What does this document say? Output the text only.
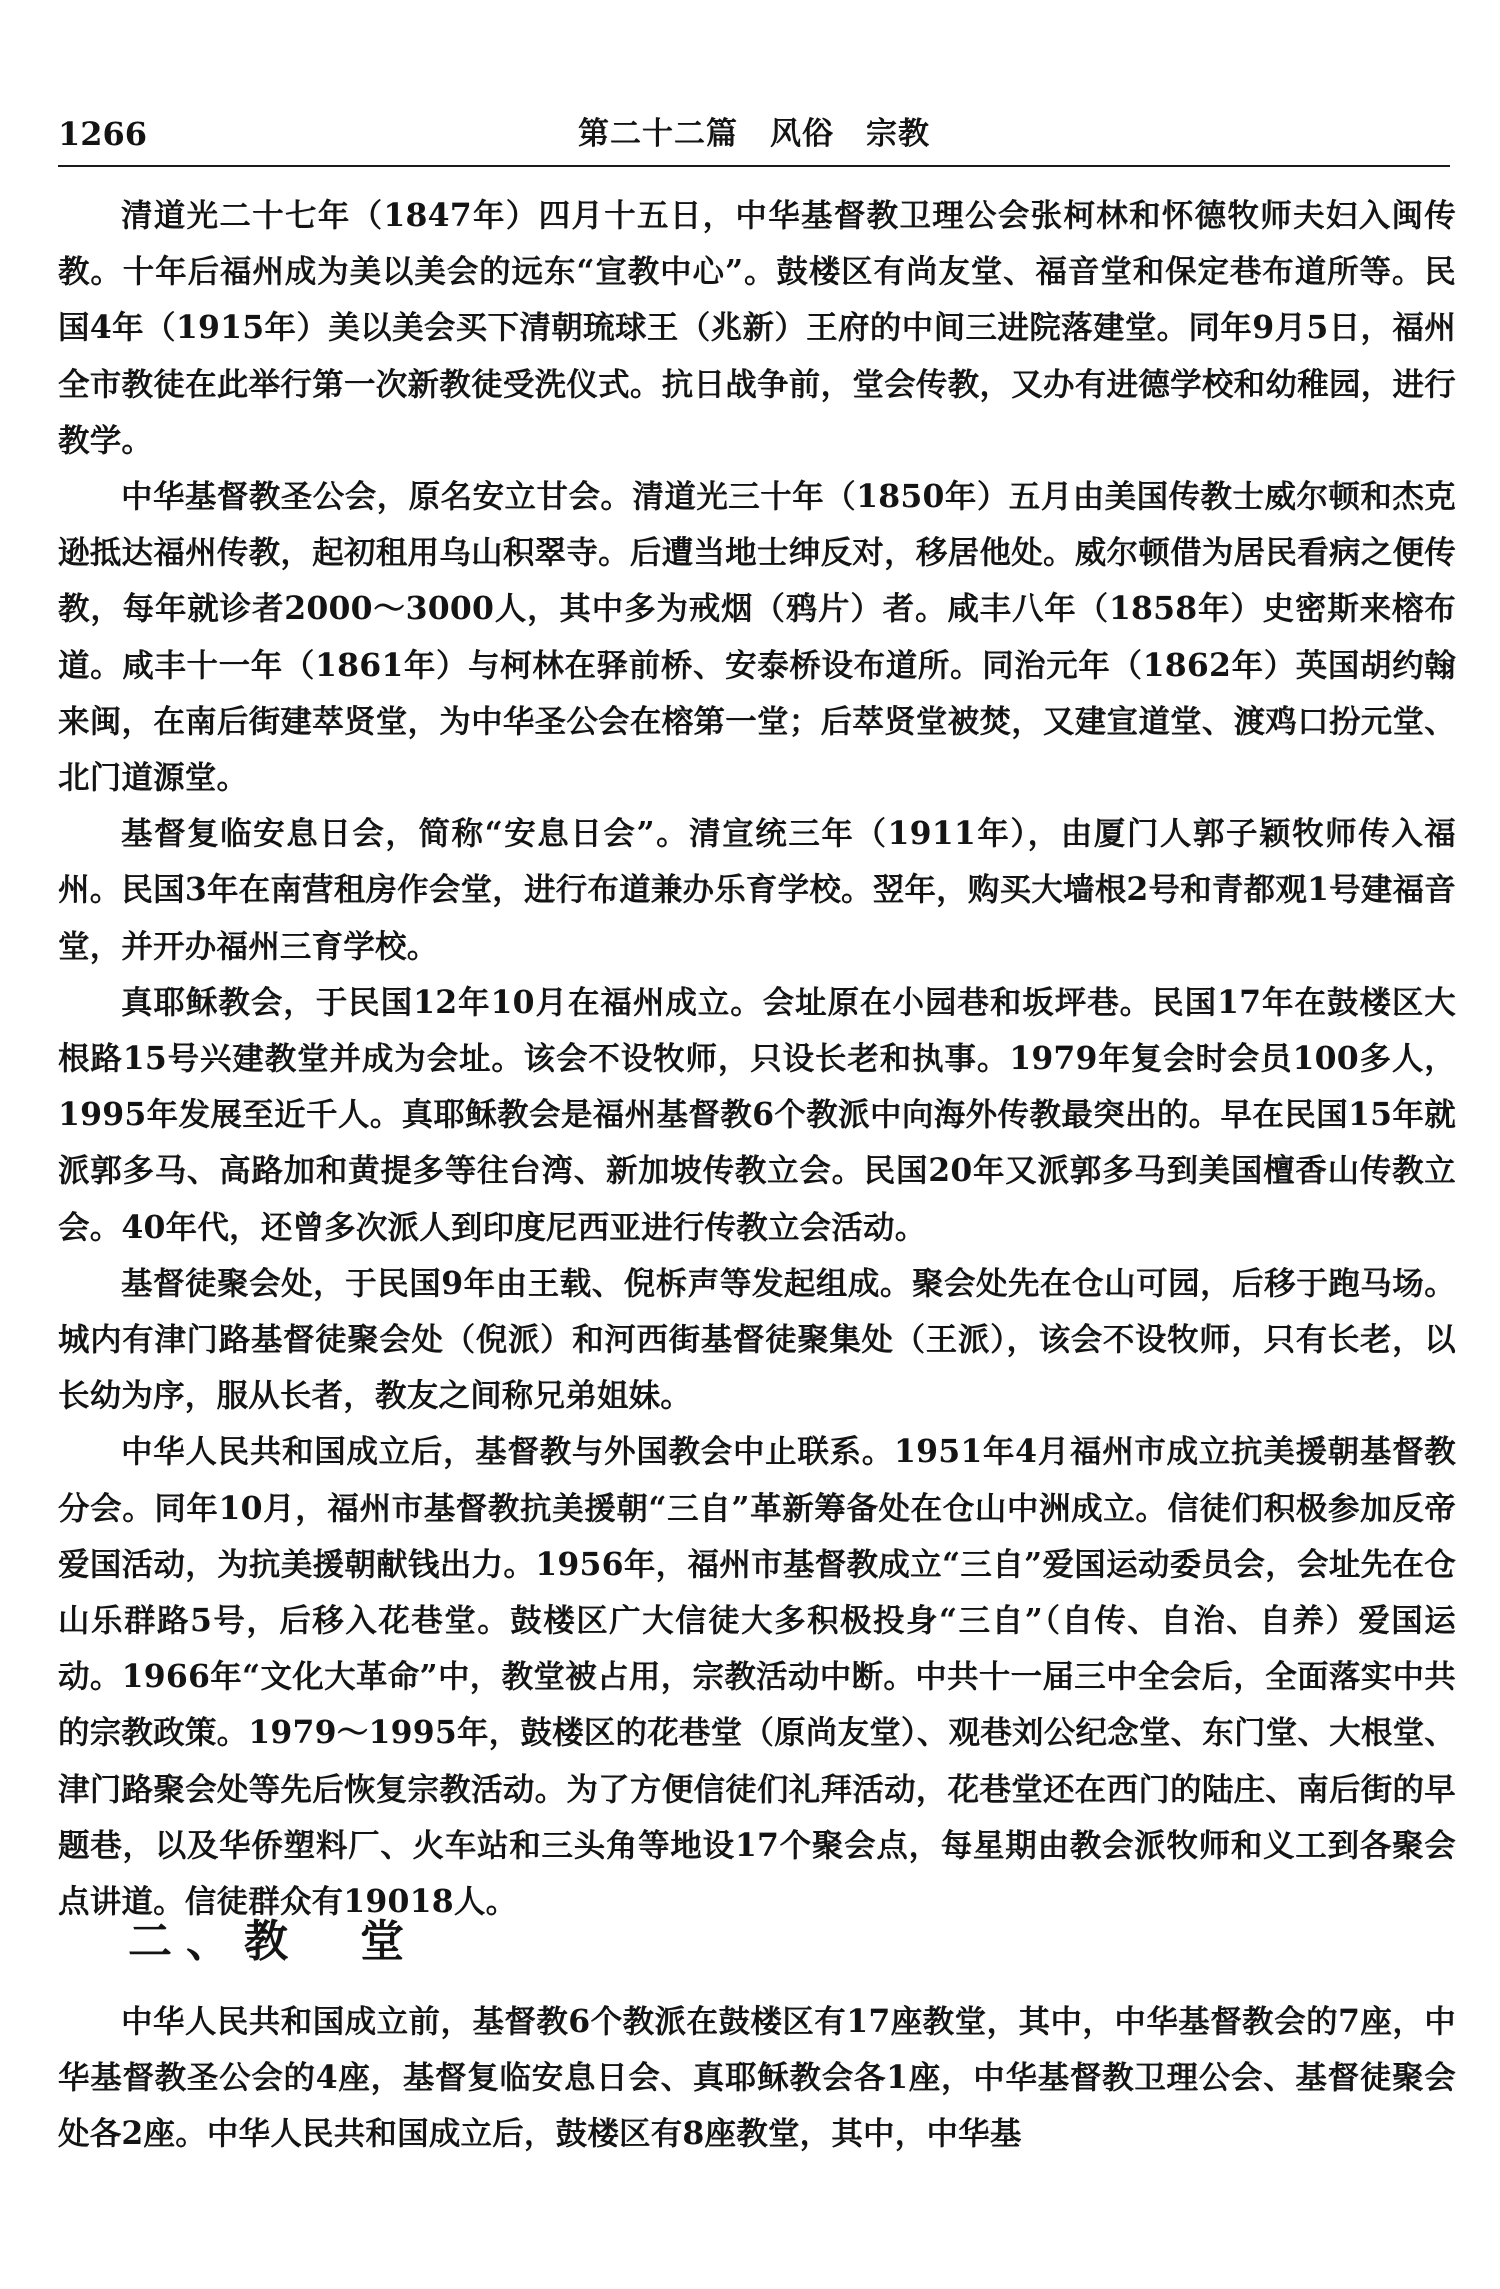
1266	第二十二篇　风俗　宗教

清道光二十七年（1847年）四月十五日，中华基督教卫理公会张柯林和怀德牧师夫妇入闽传教。十年后福州成为美以美会的远东“宣教中心”。鼓楼区有尚友堂、福音堂和保定巷布道所等。民国4年（1915年）美以美会买下清朝琉球王（兆新）王府的中间三进院落建堂。同年9月5日，福州全市教徒在此举行第一次新教徒受洗仪式。抗日战争前，堂会传教，又办有进德学校和幼稚园，进行教学。

中华基督教圣公会，原名安立甘会。清道光三十年（1850年）五月由美国传教士威尔顿和杰克逊抵达福州传教，起初租用乌山积翠寺。后遭当地士绅反对，移居他处。威尔顿借为居民看病之便传教，每年就诊者2000～3000人，其中多为戒烟（鸦片）者。咸丰八年（1858年）史密斯来榕布道。咸丰十一年（1861年）与柯林在驿前桥、安泰桥设布道所。同治元年（1862年）英国胡约翰来闽，在南后街建萃贤堂，为中华圣公会在榕第一堂；后萃贤堂被焚，又建宣道堂、渡鸡口扮元堂、北门道源堂。

基督复临安息日会，简称“安息日会”。清宣统三年（1911年），由厦门人郭子颖牧师传入福州。民国3年在南营租房作会堂，进行布道兼办乐育学校。翌年，购买大墙根2号和青都观1号建福音堂，并开办福州三育学校。

真耶稣教会，于民国12年10月在福州成立。会址原在小园巷和坂坪巷。民国17年在鼓楼区大根路15号兴建教堂并成为会址。该会不设牧师，只设长老和执事。1979年复会时会员100多人，1995年发展至近千人。真耶稣教会是福州基督教6个教派中向海外传教最突出的。早在民国15年就派郭多马、高路加和黄提多等往台湾、新加坡传教立会。民国20年又派郭多马到美国檀香山传教立会。40年代，还曾多次派人到印度尼西亚进行传教立会活动。

基督徒聚会处，于民国9年由王载、倪柝声等发起组成。聚会处先在仓山可园，后移于跑马场。城内有津门路基督徒聚会处（倪派）和河西街基督徒聚集处（王派），该会不设牧师，只有长老，以长幼为序，服从长者，教友之间称兄弟姐妹。

中华人民共和国成立后，基督教与外国教会中止联系。1951年4月福州市成立抗美援朝基督教分会。同年10月，福州市基督教抗美援朝“三自”革新筹备处在仓山中洲成立。信徒们积极参加反帝爱国活动，为抗美援朝献钱出力。1956年，福州市基督教成立“三自”爱国运动委员会，会址先在仓山乐群路5号，后移入花巷堂。鼓楼区广大信徒大多积极投身“三自”（自传、自治、自养）爱国运动。1966年“文化大革命”中，教堂被占用，宗教活动中断。中共十一届三中全会后，全面落实中共的宗教政策。1979～1995年，鼓楼区的花巷堂（原尚友堂）、观巷刘公纪念堂、东门堂、大根堂、津门路聚会处等先后恢复宗教活动。为了方便信徒们礼拜活动，花巷堂还在西门的陆庄、南后街的早题巷，以及华侨塑料厂、火车站和三头角等地设17个聚会点，每星期由教会派牧师和义工到各聚会点讲道。信徒群众有19018人。

二、教　堂

中华人民共和国成立前，基督教6个教派在鼓楼区有17座教堂，其中，中华基督教会的7座，中华基督教圣公会的4座，基督复临安息日会、真耶稣教会各1座，中华基督教卫理公会、基督徒聚会处各2座。中华人民共和国成立后，鼓楼区有8座教堂，其中，中华基
